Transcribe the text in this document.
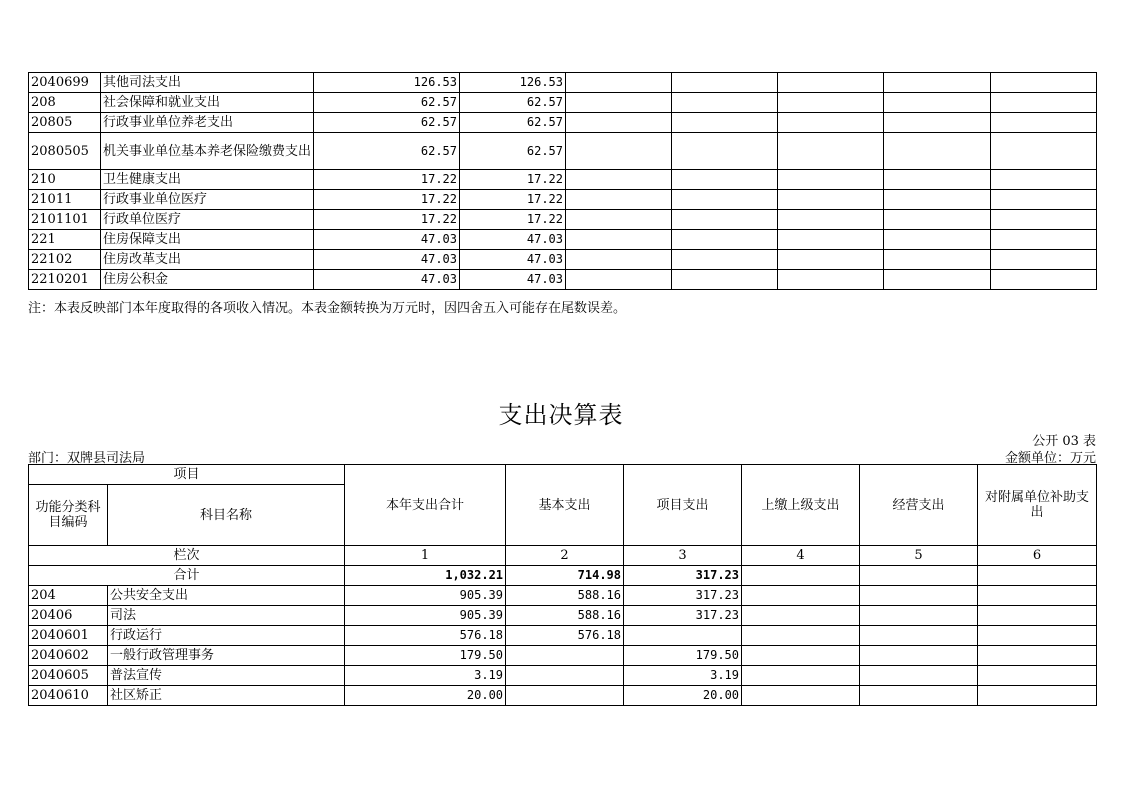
2040699	其他司法支出	126.53	126.53					
208	社会保障和就业支出	62.57	62.57					
20805	行政事业单位养老支出	62.57	62.57					
2080505	机关事业单位基本养老保险缴费支出	62.57	62.57					
210	卫生健康支出	17.22	17.22					
21011	行政事业单位医疗	17.22	17.22					
2101101	行政单位医疗	17.22	17.22					
221	住房保障支出	47.03	47.03					
22102	住房改革支出	47.03	47.03					
2210201	住房公积金	47.03	47.03					
注：本表反映部门本年度取得的各项收入情况。本表金额转换为万元时，因四舍五入可能存在尾数误差。
支出决算表
公开 03 表
部门：双牌县司法局	金额单位：万元
项目		本年支出合计	基本支出	项目支出	上缴上级支出	经营支出	对附属单位补助支出
功能分类科目编码	科目名称						
栏次		1	2	3	4	5	6
合计		1,032.21	714.98	317.23			
204	公共安全支出	905.39	588.16	317.23			
20406	司法	905.39	588.16	317.23			
2040601	行政运行	576.18	576.18				
2040602	一般行政管理事务	179.50		179.50			
2040605	普法宣传	3.19		3.19			
2040610	社区矫正	20.00		20.00			
